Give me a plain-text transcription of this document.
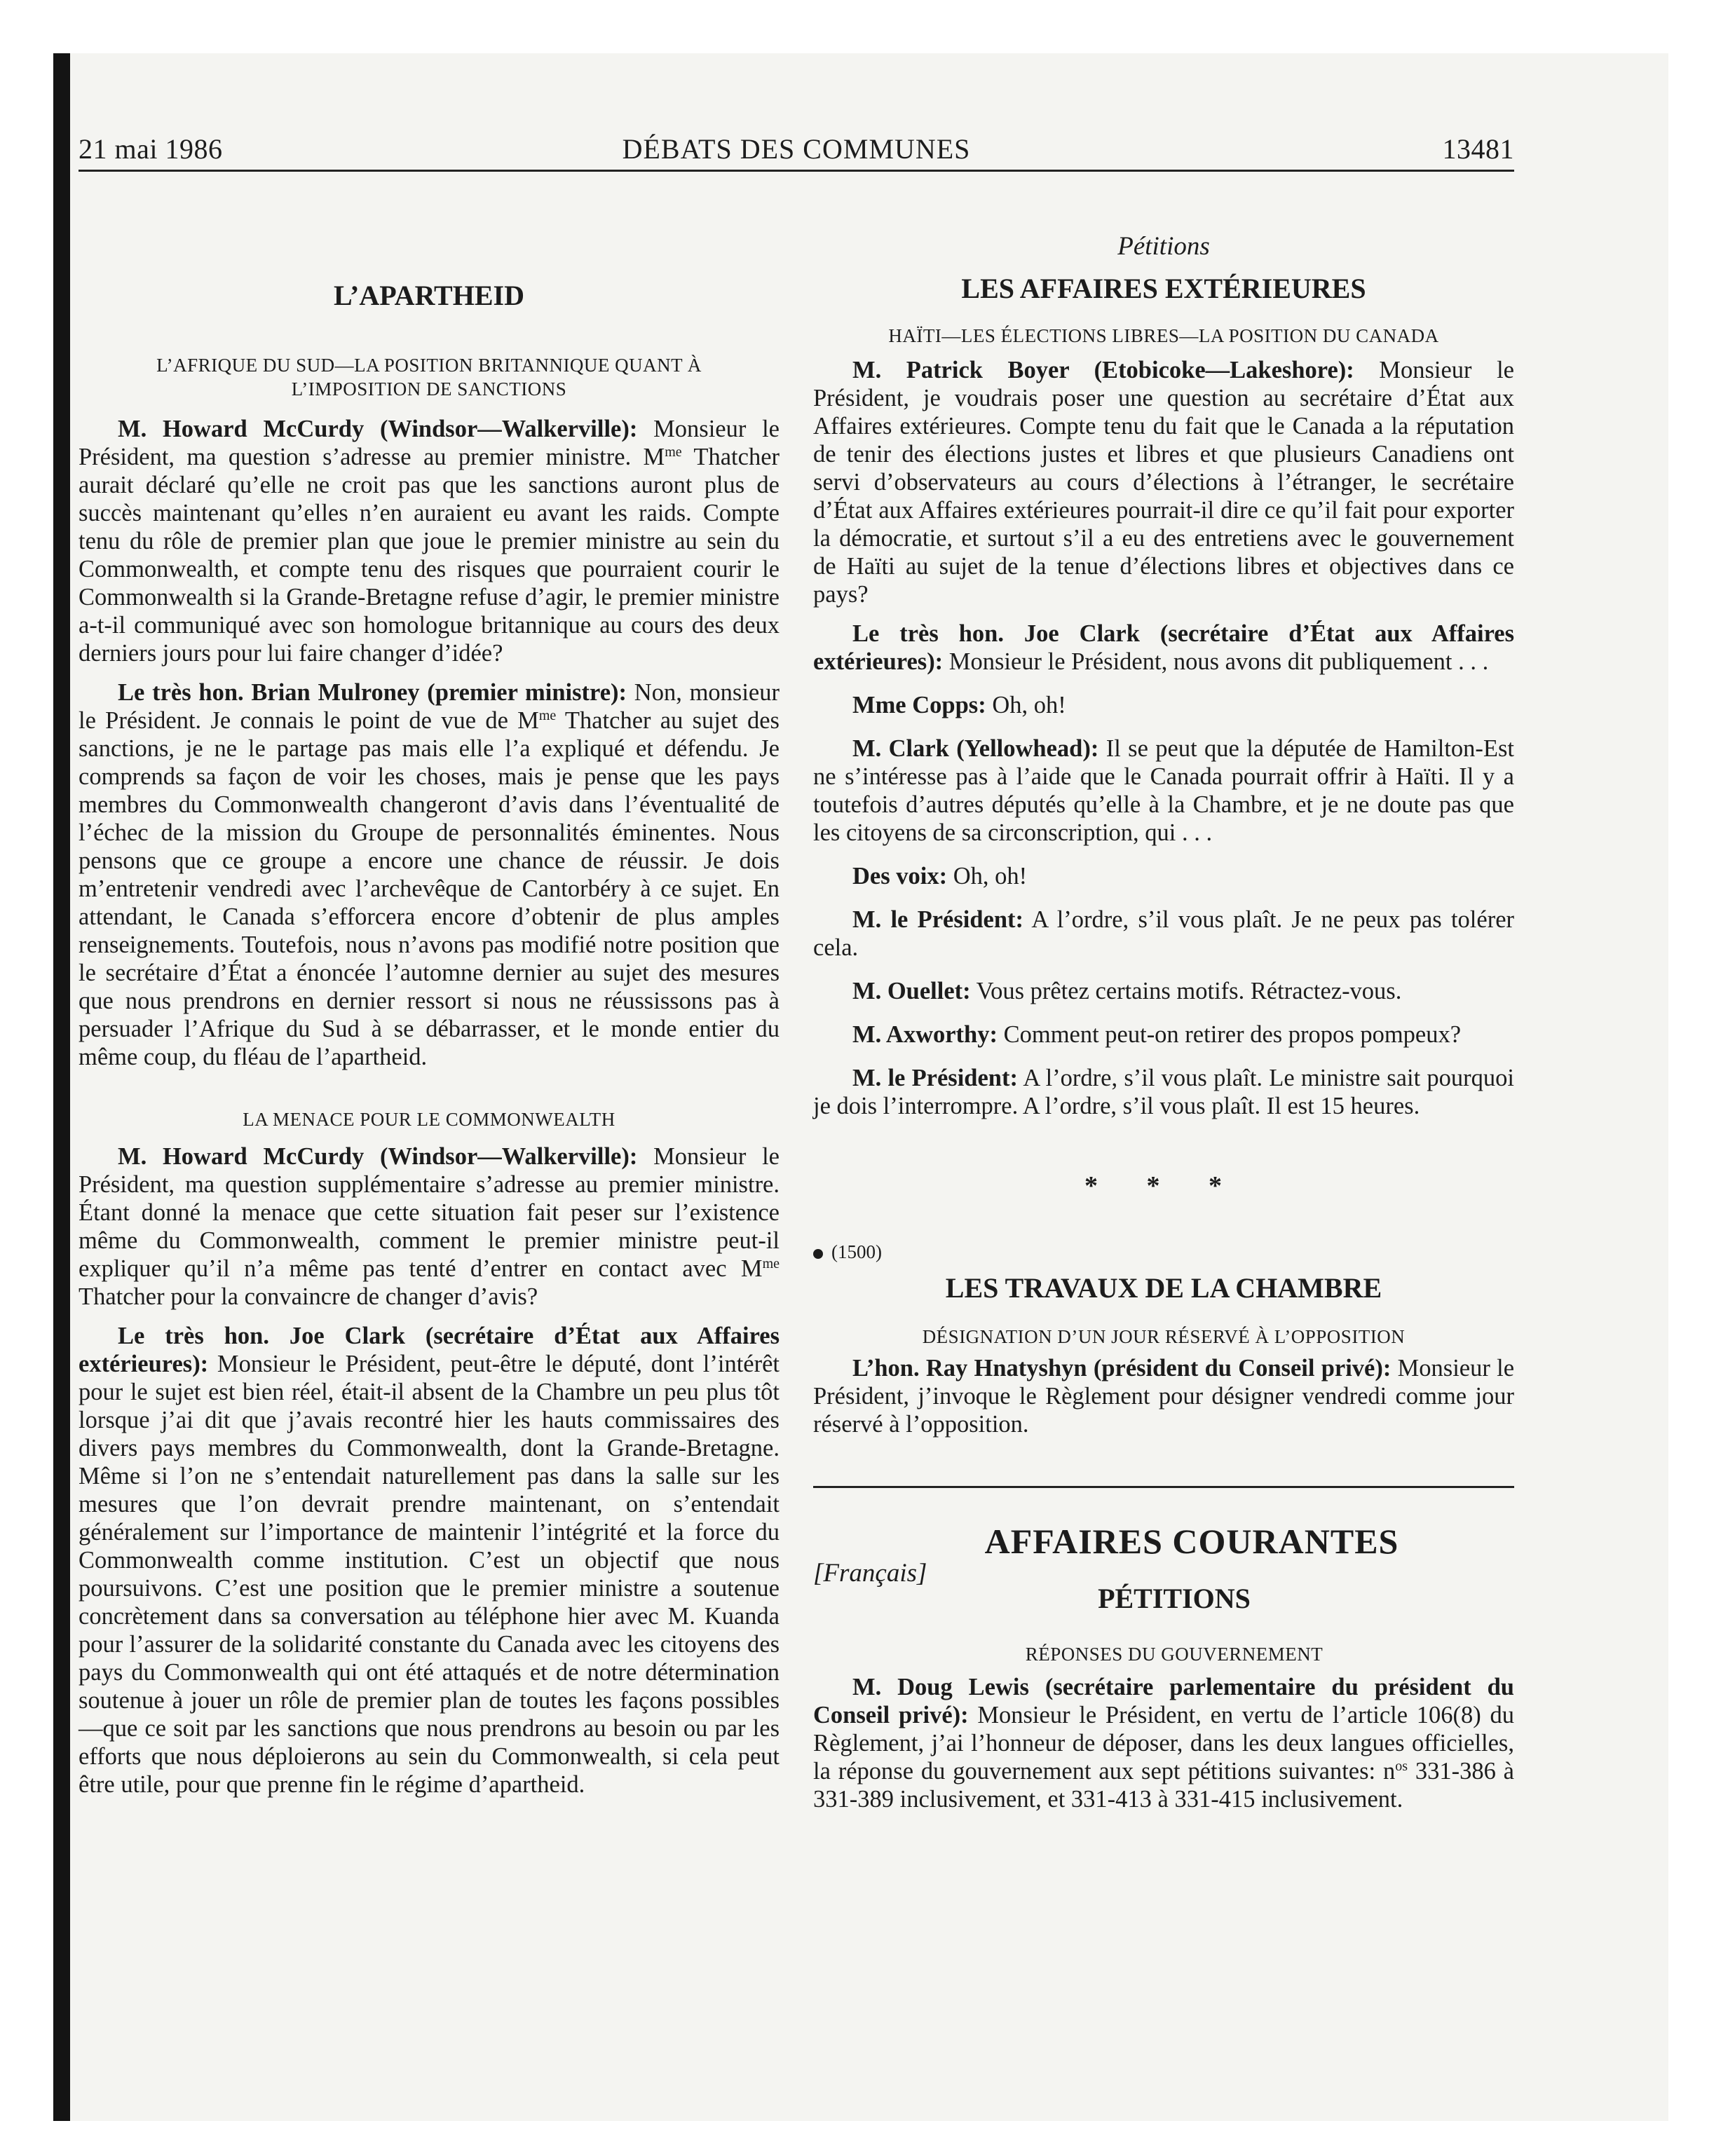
21 mai 1986	DÉBATS DES COMMUNES	13481
L’APARTHEID

L’AFRIQUE DU SUD—LA POSITION BRITANNIQUE QUANT À L’IMPOSITION DE SANCTIONS

M. Howard McCurdy (Windsor—Walkerville): Monsieur le Président, ma question s’adresse au premier ministre. $M^{me}$ Thatcher aurait déclaré qu’elle ne croit pas que les sanctions auront plus de succès maintenant qu’elles n’en auraient eu avant les raids. Compte tenu du rôle de premier plan que joue le premier ministre au sein du Commonwealth, et compte tenu des risques que pourraient courir le Commonwealth si la Grande-Bretagne refuse d’agir, le premier ministre a-t-il communiqué avec son homologue britannique au cours des deux derniers jours pour lui faire changer d’idée?

Le très hon. Brian Mulroney (premier ministre): Non, monsieur le Président. Je connais le point de vue de $M^{me}$ Thatcher au sujet des sanctions, je ne le partage pas mais elle l’a expliqué et défendu. Je comprends sa façon de voir les choses, mais je pense que les pays membres du Commonwealth changeront d’avis dans l’éventualité de l’échec de la mission du Groupe de personnalités éminentes. Nous pensons que ce groupe a encore une chance de réussir. Je dois m’entretenir vendredi avec l’archevêque de Cantorbéry à ce sujet. En attendant, le Canada s’efforcera encore d’obtenir de plus amples renseignements. Toutefois, nous n’avons pas modifié notre position que le secrétaire d’État a énoncée l’automne dernier au sujet des mesures que nous prendrons en dernier ressort si nous ne réussissons pas à persuader l’Afrique du Sud à se débarrasser, et le monde entier du même coup, du fléau de l’apartheid.

LA MENACE POUR LE COMMONWEALTH

M. Howard McCurdy (Windsor—Walkerville): Monsieur le Président, ma question supplémentaire s’adresse au premier ministre. Étant donné la menace que cette situation fait peser sur l’existence même du Commonwealth, comment le premier ministre peut-il expliquer qu’il n’a même pas tenté d’entrer en contact avec $M^{me}$ Thatcher pour la convaincre de changer d’avis?

Le très hon. Joe Clark (secrétaire d’État aux Affaires extérieures): Monsieur le Président, peut-être le député, dont l’intérêt pour le sujet est bien réel, était-il absent de la Chambre un peu plus tôt lorsque j’ai dit que j’avais recontré hier les hauts commissaires des divers pays membres du Commonwealth, dont la Grande-Bretagne. Même si l’on ne s’entendait naturellement pas dans la salle sur les mesures que l’on devrait prendre maintenant, on s’entendait généralement sur l’importance de maintenir l’intégrité et la force du Commonwealth comme institution. C’est un objectif que nous poursuivons. C’est une position que le premier ministre a soutenue concrètement dans sa conversation au téléphone hier avec M. Kuanda pour l’assurer de la solidarité constante du Canada avec les citoyens des pays du Commonwealth qui ont été attaqués et de notre détermination soutenue à jouer un rôle de premier plan de toutes les façons possibles—que ce soit par les sanctions que nous prendrons au besoin ou par les efforts que nous déploierons au sein du Commonwealth, si cela peut être utile, pour que prenne fin le régime d’apartheid.

Pétitions

LES AFFAIRES EXTÉRIEURES

HAÏTI—LES ÉLECTIONS LIBRES—LA POSITION DU CANADA

M. Patrick Boyer (Etobicoke—Lakeshore): Monsieur le Président, je voudrais poser une question au secrétaire d’État aux Affaires extérieures. Compte tenu du fait que le Canada a la réputation de tenir des élections justes et libres et que plusieurs Canadiens ont servi d’observateurs au cours d’élections à l’étranger, le secrétaire d’État aux Affaires extérieures pourrait-il dire ce qu’il fait pour exporter la démocratie, et surtout s’il a eu des entretiens avec le gouvernement de Haïti au sujet de la tenue d’élections libres et objectives dans ce pays?

Le très hon. Joe Clark (secrétaire d’État aux Affaires extérieures): Monsieur le Président, nous avons dit publiquement . . .

Mme Copps: Oh, oh!

M. Clark (Yellowhead): Il se peut que la députée de Hamilton-Est ne s’intéresse pas à l’aide que le Canada pourrait offrir à Haïti. Il y a toutefois d’autres députés qu’elle à la Chambre, et je ne doute pas que les citoyens de sa circonscription, qui . . .

Des voix: Oh, oh!

M. le Président: A l’ordre, s’il vous plaît. Je ne peux pas tolérer cela.

M. Ouellet: Vous prêtez certains motifs. Rétractez-vous.

M. Axworthy: Comment peut-on retirer des propos pompeux?

M. le Président: A l’ordre, s’il vous plaît. Le ministre sait pourquoi je dois l’interrompre. A l’ordre, s’il vous plaît. Il est 15 heures.

* * *

(1500)

LES TRAVAUX DE LA CHAMBRE

DÉSIGNATION D’UN JOUR RÉSERVÉ À L’OPPOSITION

L’hon. Ray Hnatyshyn (président du Conseil privé): Monsieur le Président, j’invoque le Règlement pour désigner vendredi comme jour réservé à l’opposition.

AFFAIRES COURANTES

[Français]

PÉTITIONS

RÉPONSES DU GOUVERNEMENT

M. Doug Lewis (secrétaire parlementaire du président du Conseil privé): Monsieur le Président, en vertu de l’article 106(8) du Règlement, j’ai l’honneur de déposer, dans les deux langues officielles, la réponse du gouvernement aux sept pétitions suivantes: $n^{os}$ 331-386 à 331-389 inclusivement, et 331-413 à 331-415 inclusivement.
